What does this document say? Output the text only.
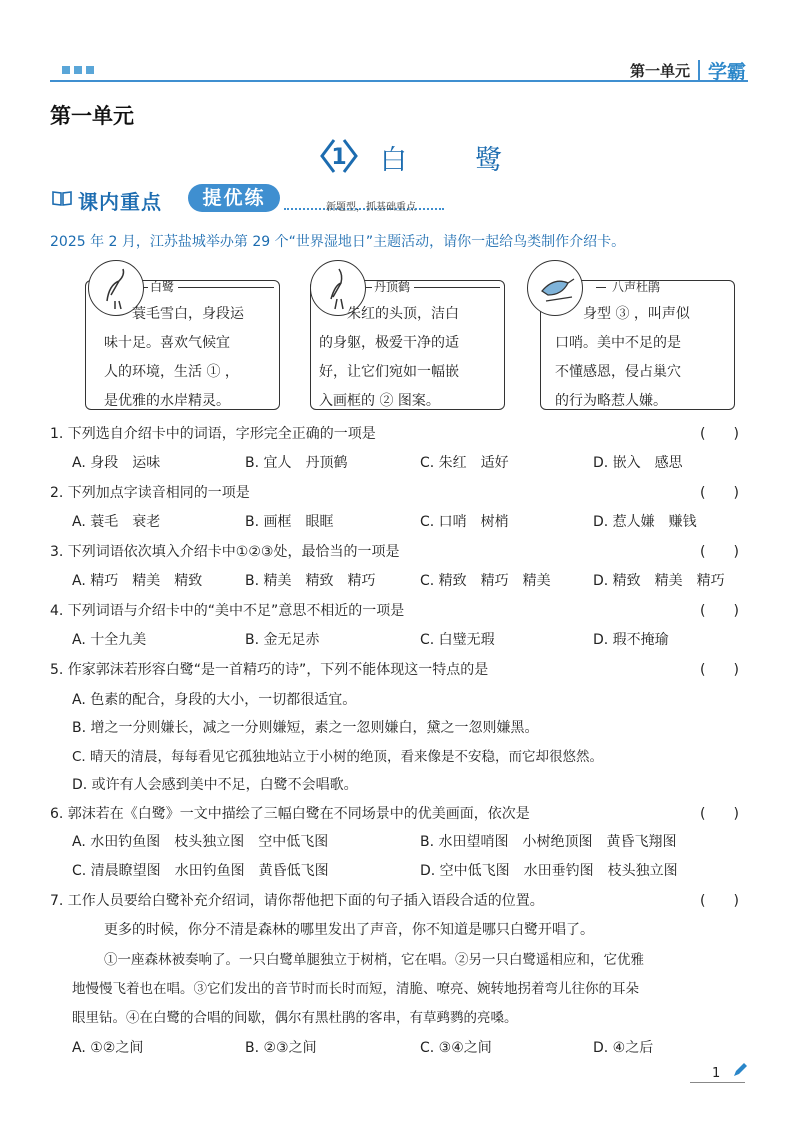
第一单元 学霸
第一单元
1 白鹭
课内重点	提优练	新题型，抓基础重点
2025 年 2 月，江苏盐城举办第 29 个“世界湿地日”主题活动，请你一起给鸟类制作介绍卡。
白鹭	丹顶鹤	八声杜鹃
蓑毛雪白，身段运
味十足。喜欢气候宜
人的环境，生活 ① ，
是优雅的水岸精灵。
朱红的头顶，洁白
的身躯，极爱干净的适
好，让它们宛如一幅嵌
入画框的 ② 图案。
身型 ③ ，叫声似
口哨。美中不足的是
不懂感恩，侵占巢穴
的行为略惹人嫌。
1. 下列选自介绍卡中的词语，字形完全正确的一项是	(　　)
A. 身段　运味	B. 宜人　丹顶鹤	C. 朱红　适好	D. 嵌入　感思
2. 下列加点字读音相同的一项是	(　　)
A. 蓑毛　衰老	B. 画框　眼眶	C. 口哨　树梢	D. 惹人嫌　赚钱
3. 下列词语依次填入介绍卡中①②③处，最恰当的一项是	(　　)
A. 精巧　精美　精致	B. 精美　精致　精巧	C. 精致　精巧　精美	D. 精致　精美　精巧
4. 下列词语与介绍卡中的“美中不足”意思不相近的一项是	(　　)
A. 十全九美	B. 金无足赤	C. 白璧无瑕	D. 瑕不掩瑜
5. 作家郭沫若形容白鹭“是一首精巧的诗”，下列不能体现这一特点的是	(　　)
A. 色素的配合，身段的大小，一切都很适宜。
B. 增之一分则嫌长，减之一分则嫌短，素之一忽则嫌白，黛之一忽则嫌黑。
C. 晴天的清晨，每每看见它孤独地站立于小树的绝顶，看来像是不安稳，而它却很悠然。
D. 或许有人会感到美中不足，白鹭不会唱歌。
6. 郭沫若在《白鹭》一文中描绘了三幅白鹭在不同场景中的优美画面，依次是	(　　)
A. 水田钓鱼图　枝头独立图　空中低飞图	B. 水田望哨图　小树绝顶图　黄昏飞翔图
C. 清晨瞭望图　水田钓鱼图　黄昏低飞图	D. 空中低飞图　水田垂钓图　枝头独立图
7. 工作人员要给白鹭补充介绍词，请你帮他把下面的句子插入语段合适的位置。	(　　)
更多的时候，你分不清是森林的哪里发出了声音，你不知道是哪只白鹭开唱了。
①一座森林被奏响了。一只白鹭单腿独立于树梢，它在唱。②另一只白鹭遥相应和，它优雅
地慢慢飞着也在唱。③它们发出的音节时而长时而短，清脆、嘹亮、婉转地拐着弯儿往你的耳朵
眼里钻。④在白鹭的合唱的间歇，偶尔有黑杜鹃的客串，有草鹀鹨的亮嗓。
A. ①②之间	B. ②③之间	C. ③④之间	D. ④之后
1
